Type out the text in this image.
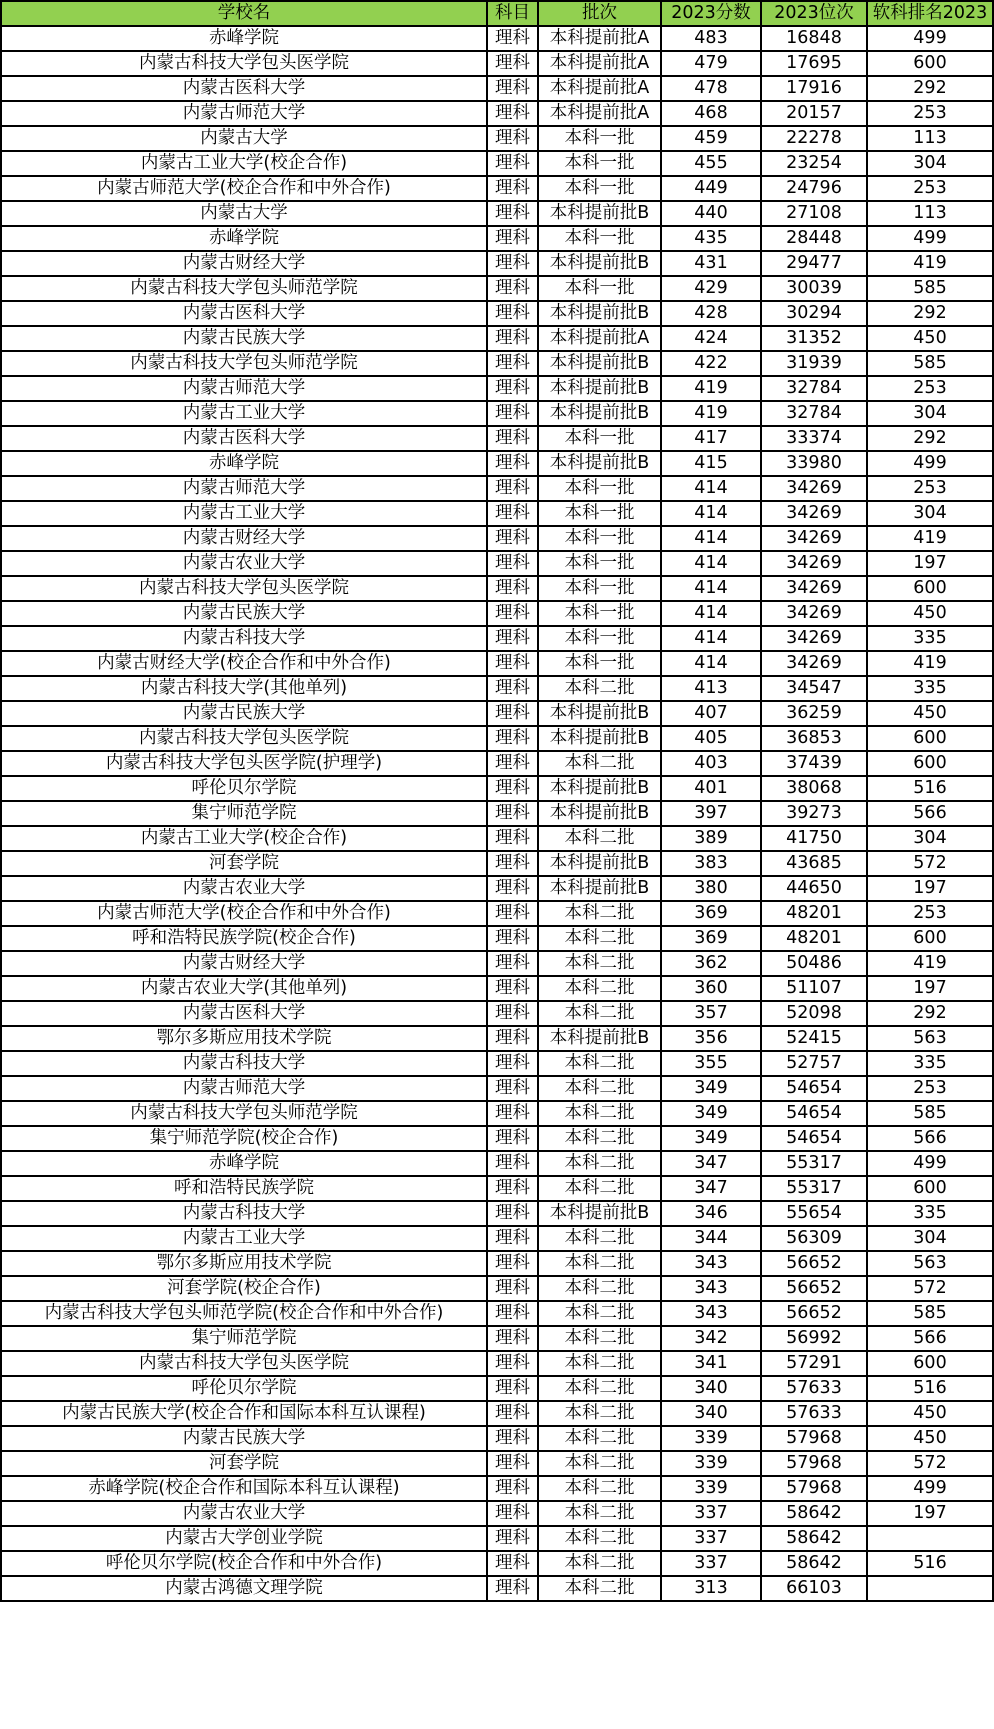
学校名	科目	批次	2023分数	2023位次	软科排名2023
赤峰学院	理科	本科提前批A	483	16848	499
内蒙古科技大学包头医学院	理科	本科提前批A	479	17695	600
内蒙古医科大学	理科	本科提前批A	478	17916	292
内蒙古师范大学	理科	本科提前批A	468	20157	253
内蒙古大学	理科	本科一批	459	22278	113
内蒙古工业大学(校企合作)	理科	本科一批	455	23254	304
内蒙古师范大学(校企合作和中外合作)	理科	本科一批	449	24796	253
内蒙古大学	理科	本科提前批B	440	27108	113
赤峰学院	理科	本科一批	435	28448	499
内蒙古财经大学	理科	本科提前批B	431	29477	419
内蒙古科技大学包头师范学院	理科	本科一批	429	30039	585
内蒙古医科大学	理科	本科提前批B	428	30294	292
内蒙古民族大学	理科	本科提前批A	424	31352	450
内蒙古科技大学包头师范学院	理科	本科提前批B	422	31939	585
内蒙古师范大学	理科	本科提前批B	419	32784	253
内蒙古工业大学	理科	本科提前批B	419	32784	304
内蒙古医科大学	理科	本科一批	417	33374	292
赤峰学院	理科	本科提前批B	415	33980	499
内蒙古师范大学	理科	本科一批	414	34269	253
内蒙古工业大学	理科	本科一批	414	34269	304
内蒙古财经大学	理科	本科一批	414	34269	419
内蒙古农业大学	理科	本科一批	414	34269	197
内蒙古科技大学包头医学院	理科	本科一批	414	34269	600
内蒙古民族大学	理科	本科一批	414	34269	450
内蒙古科技大学	理科	本科一批	414	34269	335
内蒙古财经大学(校企合作和中外合作)	理科	本科一批	414	34269	419
内蒙古科技大学(其他单列)	理科	本科二批	413	34547	335
内蒙古民族大学	理科	本科提前批B	407	36259	450
内蒙古科技大学包头医学院	理科	本科提前批B	405	36853	600
内蒙古科技大学包头医学院(护理学)	理科	本科二批	403	37439	600
呼伦贝尔学院	理科	本科提前批B	401	38068	516
集宁师范学院	理科	本科提前批B	397	39273	566
内蒙古工业大学(校企合作)	理科	本科二批	389	41750	304
河套学院	理科	本科提前批B	383	43685	572
内蒙古农业大学	理科	本科提前批B	380	44650	197
内蒙古师范大学(校企合作和中外合作)	理科	本科二批	369	48201	253
呼和浩特民族学院(校企合作)	理科	本科二批	369	48201	600
内蒙古财经大学	理科	本科二批	362	50486	419
内蒙古农业大学(其他单列)	理科	本科二批	360	51107	197
内蒙古医科大学	理科	本科二批	357	52098	292
鄂尔多斯应用技术学院	理科	本科提前批B	356	52415	563
内蒙古科技大学	理科	本科二批	355	52757	335
内蒙古师范大学	理科	本科二批	349	54654	253
内蒙古科技大学包头师范学院	理科	本科二批	349	54654	585
集宁师范学院(校企合作)	理科	本科二批	349	54654	566
赤峰学院	理科	本科二批	347	55317	499
呼和浩特民族学院	理科	本科二批	347	55317	600
内蒙古科技大学	理科	本科提前批B	346	55654	335
内蒙古工业大学	理科	本科二批	344	56309	304
鄂尔多斯应用技术学院	理科	本科二批	343	56652	563
河套学院(校企合作)	理科	本科二批	343	56652	572
内蒙古科技大学包头师范学院(校企合作和中外合作)	理科	本科二批	343	56652	585
集宁师范学院	理科	本科二批	342	56992	566
内蒙古科技大学包头医学院	理科	本科二批	341	57291	600
呼伦贝尔学院	理科	本科二批	340	57633	516
内蒙古民族大学(校企合作和国际本科互认课程)	理科	本科二批	340	57633	450
内蒙古民族大学	理科	本科二批	339	57968	450
河套学院	理科	本科二批	339	57968	572
赤峰学院(校企合作和国际本科互认课程)	理科	本科二批	339	57968	499
内蒙古农业大学	理科	本科二批	337	58642	197
内蒙古大学创业学院	理科	本科二批	337	58642	
呼伦贝尔学院(校企合作和中外合作)	理科	本科二批	337	58642	516
内蒙古鸿德文理学院	理科	本科二批	313	66103	
